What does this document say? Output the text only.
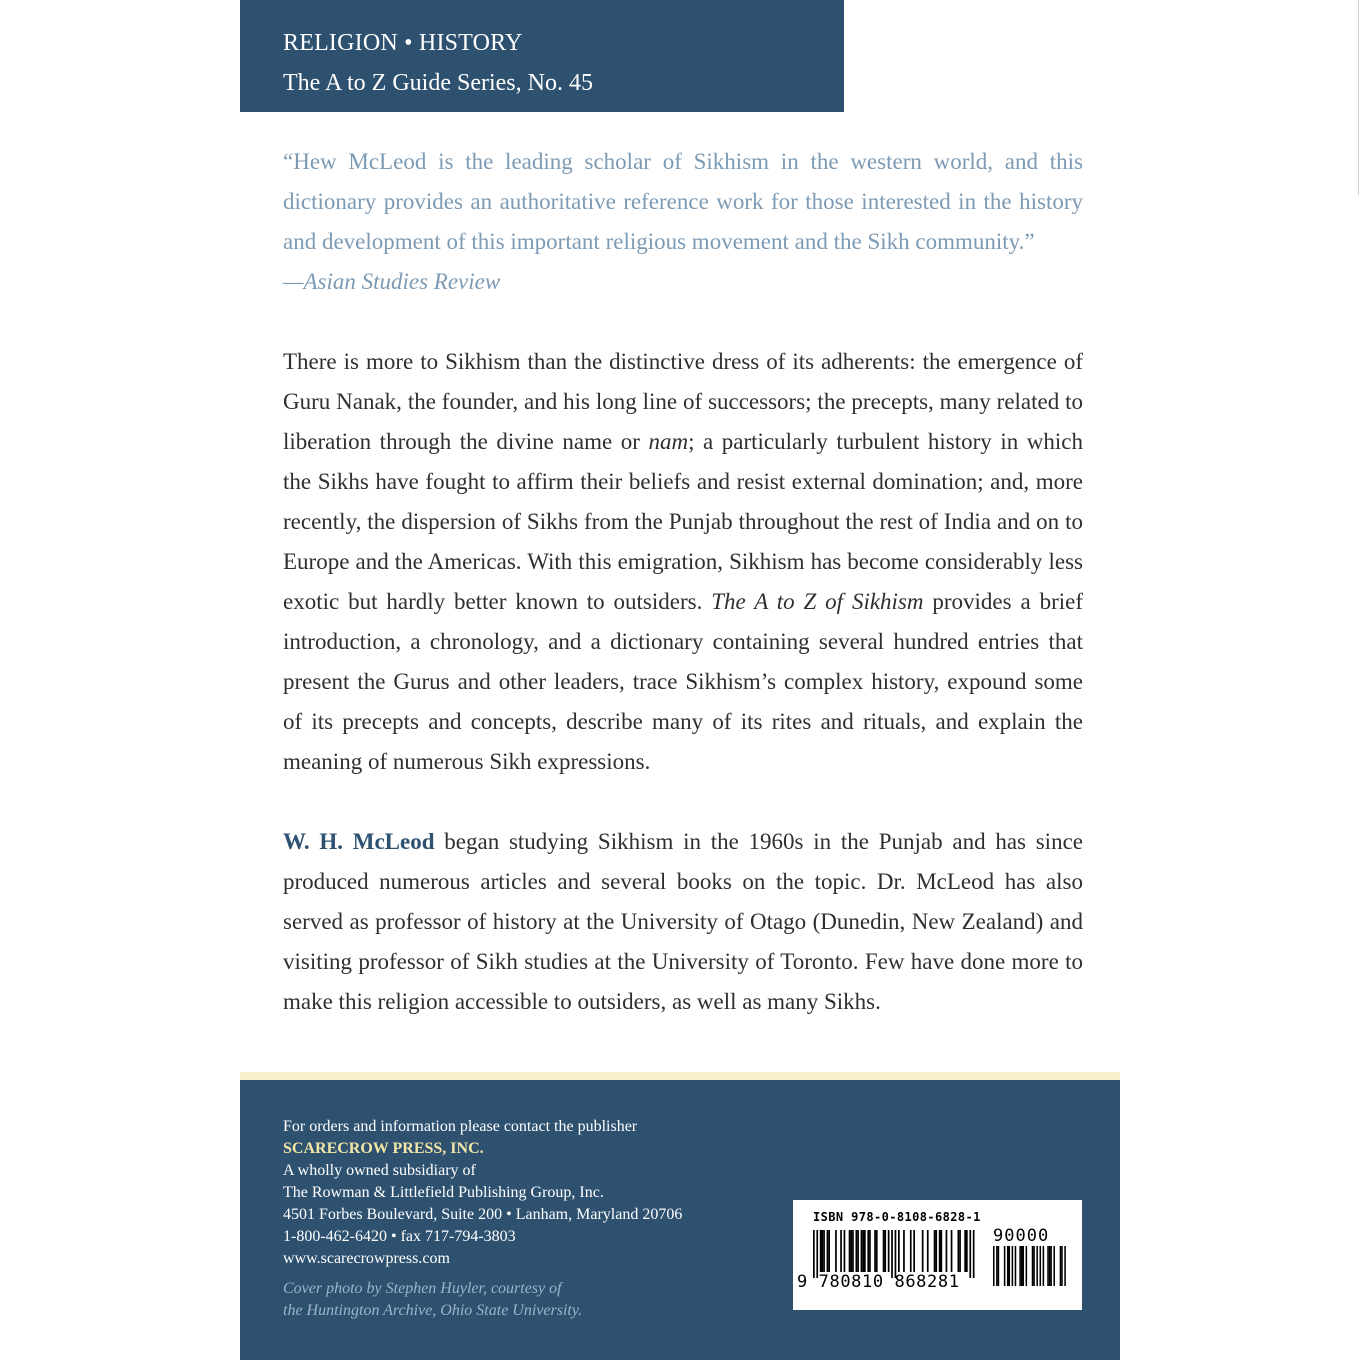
RELIGION • HISTORY
The A to Z Guide Series, No. 45
“Hew McLeod is the leading scholar of Sikhism in the western world, and this dictionary provides an authoritative reference work for those interested in the history and development of this important religious movement and the Sikh community.”
—Asian Studies Review
There is more to Sikhism than the distinctive dress of its adherents: the emergence of Guru Nanak, the founder, and his long line of successors; the precepts, many related to liberation through the divine name or nam; a particularly turbulent history in which the Sikhs have fought to affirm their beliefs and resist external domination; and, more recently, the dispersion of Sikhs from the Punjab throughout the rest of India and on to Europe and the Americas. With this emigration, Sikhism has become considerably less exotic but hardly better known to outsiders. The A to Z of Sikhism provides a brief introduction, a chronology, and a dictionary containing several hundred entries that present the Gurus and other leaders, trace Sikhism’s complex history, expound some of its precepts and concepts, describe many of its rites and rituals, and explain the meaning of numerous Sikh expressions.
W. H. McLeod began studying Sikhism in the 1960s in the Punjab and has since produced numerous articles and several books on the topic. Dr. McLeod has also served as professor of history at the University of Otago (Dunedin, New Zealand) and visiting professor of Sikh studies at the University of Toronto. Few have done more to make this religion accessible to outsiders, as well as many Sikhs.
For orders and information please contact the publisher
SCARECROW PRESS, INC.
A wholly owned subsidiary of
The Rowman & Littlefield Publishing Group, Inc.
4501 Forbes Boulevard, Suite 200 • Lanham, Maryland 20706
1-800-462-6420 • fax 717-794-3803
www.scarecrowpress.com
Cover photo by Stephen Huyler, courtesy of
the Huntington Archive, Ohio State University.
ISBN 978-0-8108-6828-1
9 780810 868281
90000
